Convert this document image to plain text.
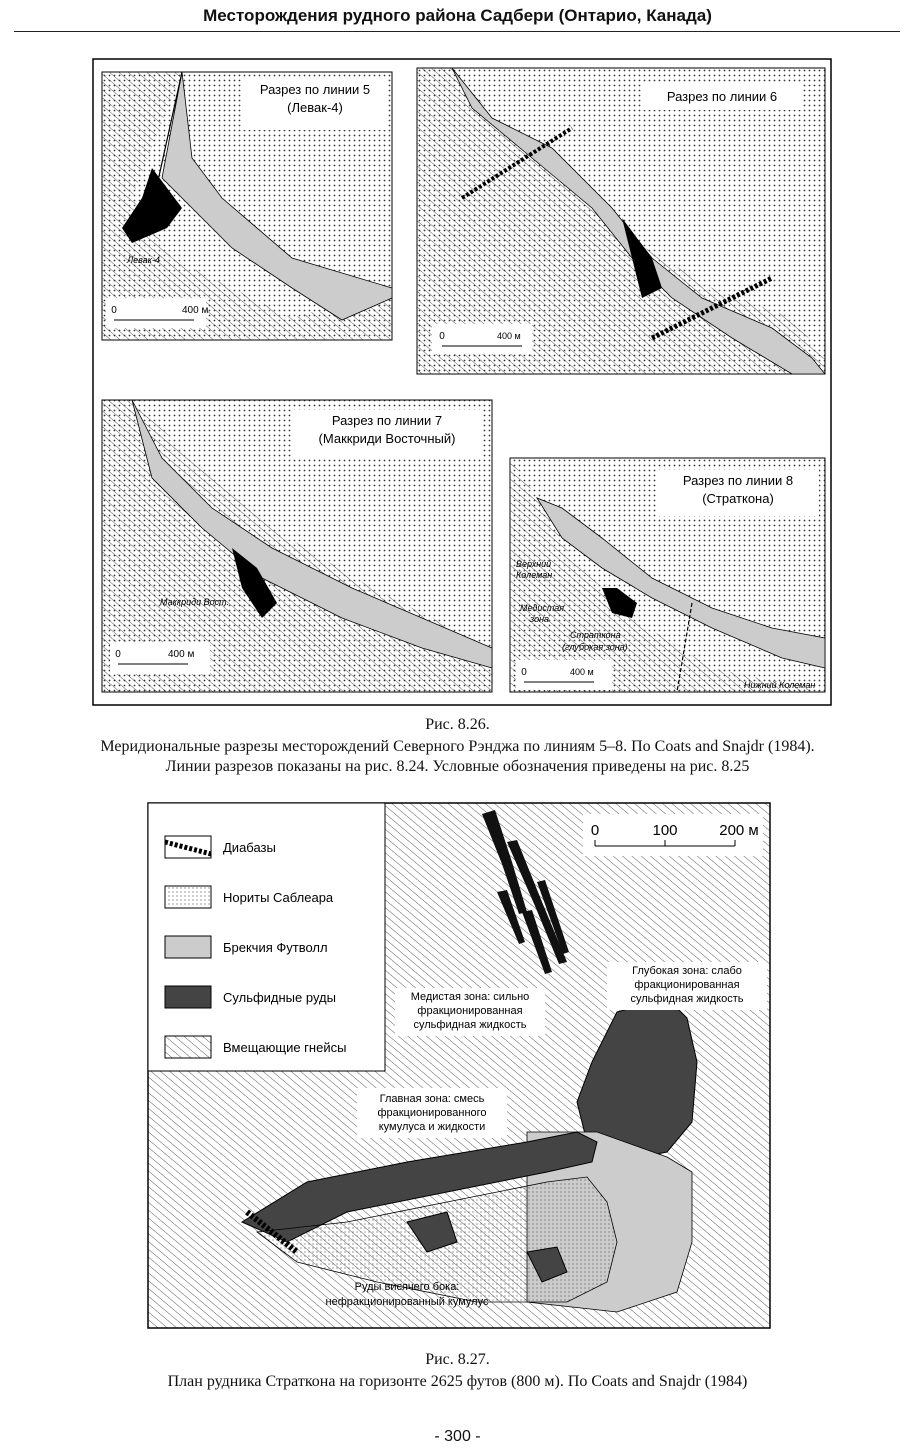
Месторождения рудного района Садбери (Онтарио, Канада)
Разрез по линии 5
(Левак-4)
Левак-4
0	400 м
Разрез по линии 6
0	400 м
Разрез по линии 7
(Маккриди Восточный)
Маккриди Вост.
0	400 м
Разрез по линии 8
(Страткона)
Верхний
Колеман
Медистая
зона
Страткона
(глубокая зона)
Нижний Колеман
0	400 м
Рис. 8.26.
Меридиональные разрезы месторождений Северного Рэнджа по линиям 5–8. По Coats and Snajdr (1984).
Линии разрезов показаны на рис. 8.24. Условные обозначения приведены на рис. 8.25
Диабазы
Нориты Саблеара
Брекчия Футволл
Сульфидные руды
Вмещающие гнейсы
0	100	200 м
Медистая зона: сильно
фракционированная
сульфидная жидкость
Глубокая зона: слабо
фракционированная
сульфидная жидкость
Главная зона: смесь
фракционированного
кумулуса и жидкости
Руды висячего бока:
нефракционированный кумулус
Рис. 8.27.
План рудника Страткона на горизонте 2625 футов (800 м). По Coats and Snajdr (1984)
- 300 -
